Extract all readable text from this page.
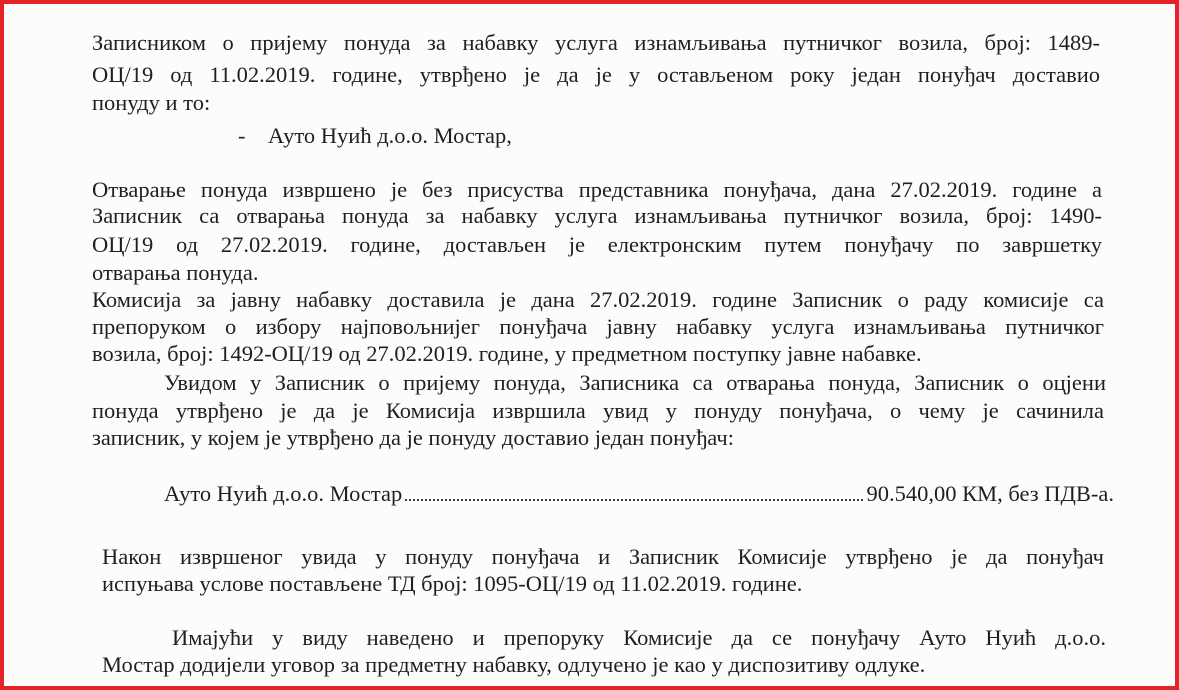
Записником о пријему понуда за набавку услуга изнамљивања путничког возила, број: 1489-
ОЦ/19 од 11.02.2019. године, утврђено је да је у остављеном року један понуђач доставио
понуду и то:
-    Ауто Нуић д.о.о. Мостар,
Отварање понуда извршено је без присуства представника понуђача, дана 27.02.2019. године а
Записник са отварања понуда за набавку услуга изнамљивања путничког возила, број: 1490-
ОЦ/19 од 27.02.2019. године, достављен је електронским путем понуђачу по завршетку
отварања понуда.
Комисија за јавну набавку доставила је дана 27.02.2019. године Записник о раду комисије са
препоруком о избору најповољнијег понуђача јавну набавку услуга изнамљивања путничког
возила, број: 1492-ОЦ/19 од 27.02.2019. године, у предметном поступку јавне набавке.
Увидом у Записник о пријему понуда, Записника са отварања понуда, Записник о оцјени
понуда утврђено је да је Комисија извршила увид у понуду понуђача, о чему је сачинила
записник, у којем је утврђено да је понуду доставио један понуђач:
Ауто Нуић д.о.о. Мостар	90.540,00 КМ, без ПДВ-а.
Након извршеног увида у понуду понуђача и Записник Комисије утврђено је да понуђач
испуњава услове постављене ТД број: 1095-ОЦ/19 од 11.02.2019. године.
Имајући у виду наведено и препоруку Комисије да се понуђачу Ауто Нуић д.о.о.
Мостар додијели уговор за предметну набавку, одлучено је као у диспозитиву одлуке.
